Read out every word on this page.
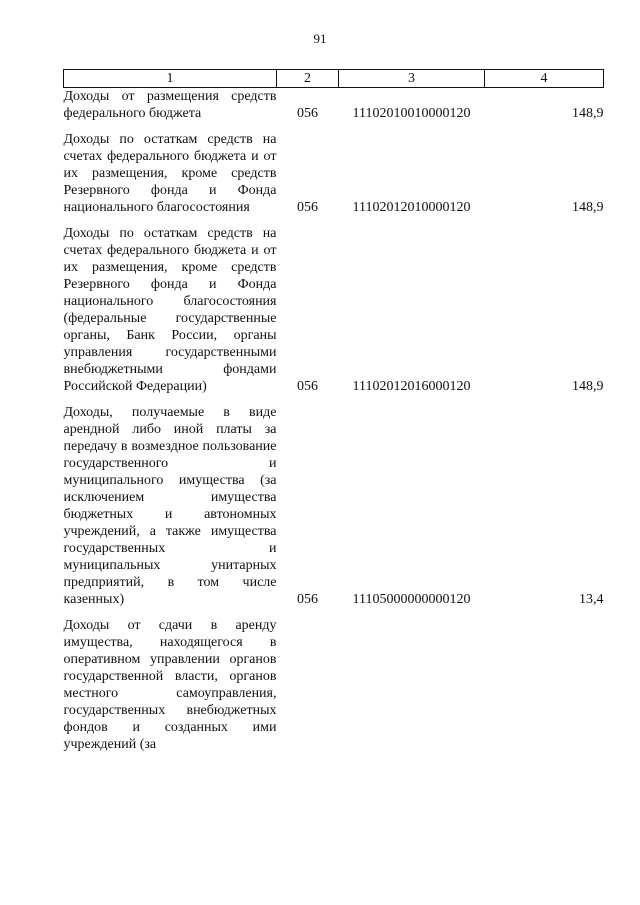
91
1	2	3	4
Доходы от размещения средств федерального бюджета	056	11102010010000120	148,9
Доходы по остаткам средств на счетах федерального бюджета и от их размещения, кроме средств Резервного фонда и Фонда национального благосостояния	056	11102012010000120	148,9
Доходы по остаткам средств на счетах федерального бюджета и от их размещения, кроме средств Резервного фонда и Фонда национального благосостояния (федеральные государственные органы, Банк России, органы управления государственными внебюджетными фондами Российской Федерации)	056	11102012016000120	148,9
Доходы, получаемые в виде арендной либо иной платы за передачу в возмездное пользование государственного и муниципального имущества (за исключением имущества бюджетных и автономных учреждений, а также имущества государственных и муниципальных унитарных предприятий, в том числе казенных)	056	11105000000000120	13,4
Доходы от сдачи в аренду имущества, находящегося в оперативном управлении органов государственной власти, органов местного самоуправления, государственных внебюджетных фондов и созданных ими учреждений (за			
